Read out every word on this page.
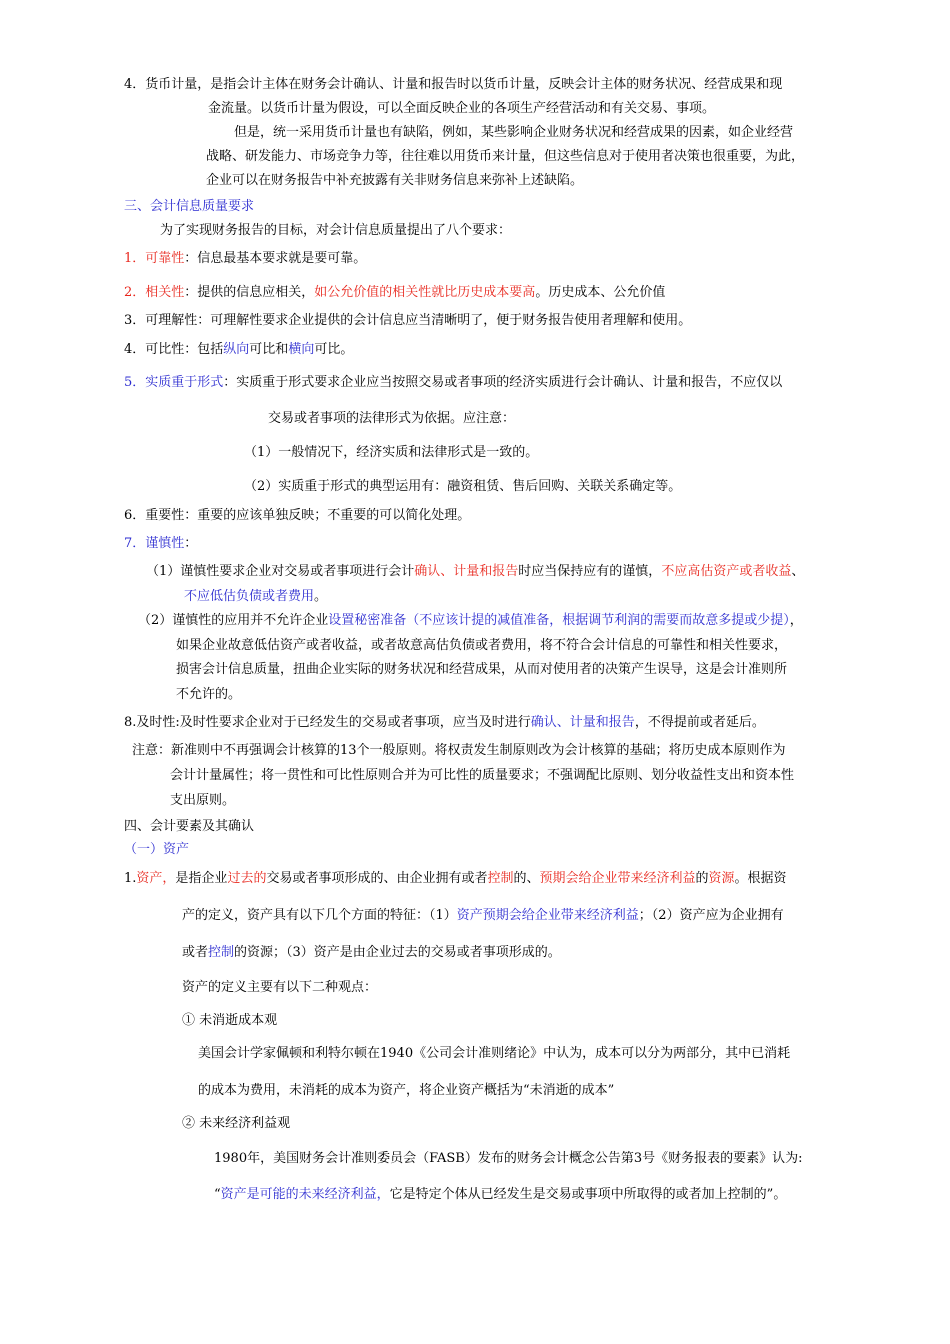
4．货币计量，是指会计主体在财务会计确认、计量和报告时以货币计量，反映会计主体的财务状况、经营成果和现
金流量。以货币计量为假设，可以全面反映企业的各项生产经营活动和有关交易、事项。
但是，统一采用货币计量也有缺陷，例如，某些影响企业财务状况和经营成果的因素，如企业经营
战略、研发能力、市场竞争力等，往往难以用货币来计量，但这些信息对于使用者决策也很重要，为此，
企业可以在财务报告中补充披露有关非财务信息来弥补上述缺陷。
三、会计信息质量要求
为了实现财务报告的目标，对会计信息质量提出了八个要求：
1．可靠性：信息最基本要求就是要可靠。
2．相关性：提供的信息应相关，如公允价值的相关性就比历史成本要高。历史成本、公允价值
3．可理解性：可理解性要求企业提供的会计信息应当清晰明了，便于财务报告使用者理解和使用。
4．可比性：包括纵向可比和横向可比。
5．实质重于形式：实质重于形式要求企业应当按照交易或者事项的经济实质进行会计确认、计量和报告，不应仅以
交易或者事项的法律形式为依据。应注意：
（1）一般情况下，经济实质和法律形式是一致的。
（2）实质重于形式的典型运用有：融资租赁、售后回购、关联关系确定等。
6．重要性：重要的应该单独反映；不重要的可以简化处理。
7．谨慎性：
（1）谨慎性要求企业对交易或者事项进行会计确认、计量和报告时应当保持应有的谨慎，不应高估资产或者收益、
不应低估负债或者费用。
（2）谨慎性的应用并不允许企业设置秘密准备（不应该计提的减值准备，根据调节利润的需要而故意多提或少提），
如果企业故意低估资产或者收益，或者故意高估负债或者费用，将不符合会计信息的可靠性和相关性要求，
损害会计信息质量，扭曲企业实际的财务状况和经营成果，从而对使用者的决策产生误导，这是会计准则所
不允许的。
8.及时性:及时性要求企业对于已经发生的交易或者事项，应当及时进行确认、计量和报告，不得提前或者延后。
注意：新准则中不再强调会计核算的13个一般原则。将权责发生制原则改为会计核算的基础；将历史成本原则作为
会计计量属性；将一贯性和可比性原则合并为可比性的质量要求；不强调配比原则、划分收益性支出和资本性
支出原则。
四、会计要素及其确认
（一）资产
1.资产，是指企业过去的交易或者事项形成的、由企业拥有或者控制的、预期会给企业带来经济利益的资源。根据资
产的定义，资产具有以下几个方面的特征：（1）资产预期会给企业带来经济利益；（2）资产应为企业拥有
或者控制的资源；（3）资产是由企业过去的交易或者事项形成的。
资产的定义主要有以下二种观点：
① 未消逝成本观
美国会计学家佩顿和利特尔顿在1940《公司会计准则绪论》中认为，成本可以分为两部分，其中已消耗
的成本为费用，未消耗的成本为资产，将企业资产概括为“未消逝的成本”
② 未来经济利益观
1980年，美国财务会计准则委员会（FASB）发布的财务会计概念公告第3号《财务报表的要素》认为:
“资产是可能的未来经济利益，它是特定个体从已经发生是交易或事项中所取得的或者加上控制的”。
